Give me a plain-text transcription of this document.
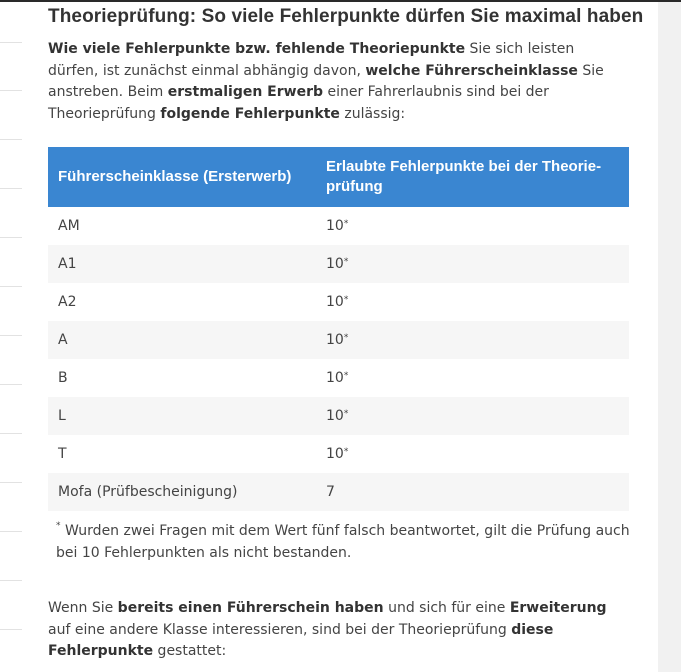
Theorieprüfung: So viele Fehlerpunkte dürfen Sie maximal haben

Wie viele Fehlerpunkte bzw. fehlende Theoriepunkte Sie sich leisten dürfen, ist zunächst einmal abhängig davon, welche Führerscheinklasse Sie anstreben. Beim erstmaligen Erwerb einer Fahrerlaubnis sind bei der Theorieprüfung folgende Fehlerpunkte zulässig:

Führerscheinklasse (Ersterwerb)	Erlaubte Fehlerpunkte bei der Theorieprüfung
AM	10*
A1	10*
A2	10*
A	10*
B	10*
L	10*
T	10*
Mofa (Prüfbescheinigung)	7

* Wurden zwei Fragen mit dem Wert fünf falsch beantwortet, gilt die Prüfung auch bei 10 Fehlerpunkten als nicht bestanden.

Wenn Sie bereits einen Führerschein haben und sich für eine Erweiterung auf eine andere Klasse interessieren, sind bei der Theorieprüfung diese Fehlerpunkte gestattet:
